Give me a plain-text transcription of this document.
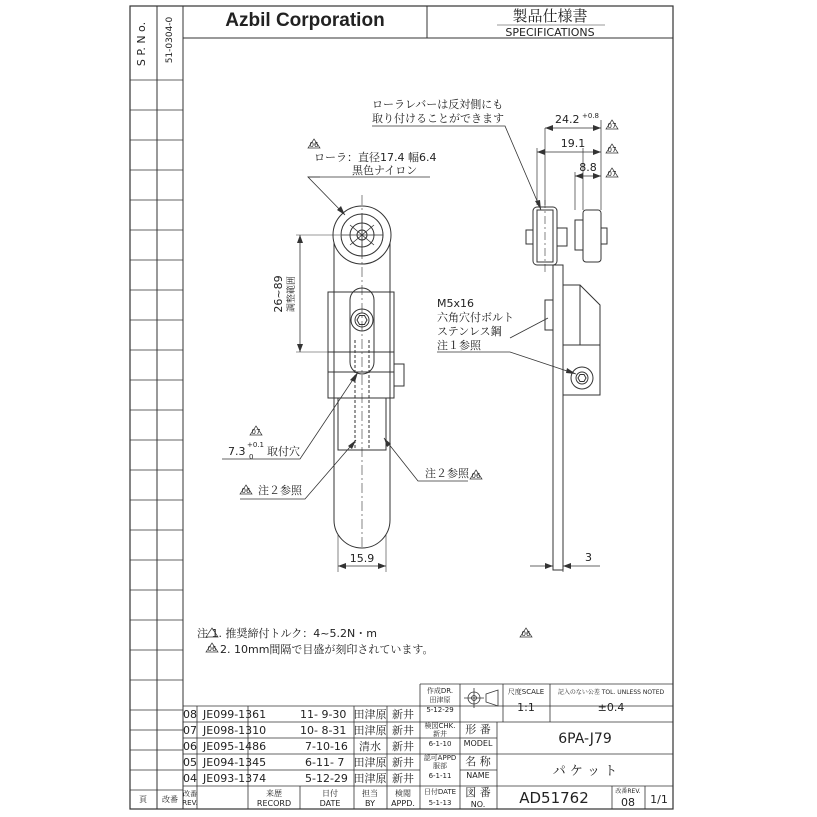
S P. N o. 51-0304-0	Azbil Corporation	製品仕様書
SPECIFICATIONS
ローラ：直径17.4 幅6.4
黒色ナイロン
06
26~89 調整範囲
07
7.3 +0.1
0 取付穴
06 注２参照
注２参照 06
15.9
24.2 +0.8
19.1
8.8
3
07
07
07
ローラレバーは反対側にも
取り付けることができます
M5x16
六角穴付ボルト
ステンレス鋼
注１参照
注 1. 推奨締付トルク：4~5.2N・m
2. 10mm間隔で目盛が刻印されています。
06
06
08 JE099-1361	11- 9-30 田津原 新井
07 JE098-1310	10- 8-31 田津原 新井
06 JE095-1486	7-10-16 清水 新井
05 JE094-1345	6-11- 7 田津原 新井
04 JE093-1374	5-12-29 田津原 新井
頁 改番
改番
REV.
来歴
RECORD
日付
DATE
担当
BY
検閲
APPD.
作成DR.
田津原
5-12-29
検図CHK.
新井
6-1-10
認可APPD
服部
6-1-11
日付DATE
5-1-13
尺度SCALE
1:1
記入のない公差 TOL. UNLESS NOTED
±0.4
形 番
MODEL	6PA-J79
名 称
NAME	パ ケ ッ ト
図 番
NO. AD51762	改番REV.
08 1/1
